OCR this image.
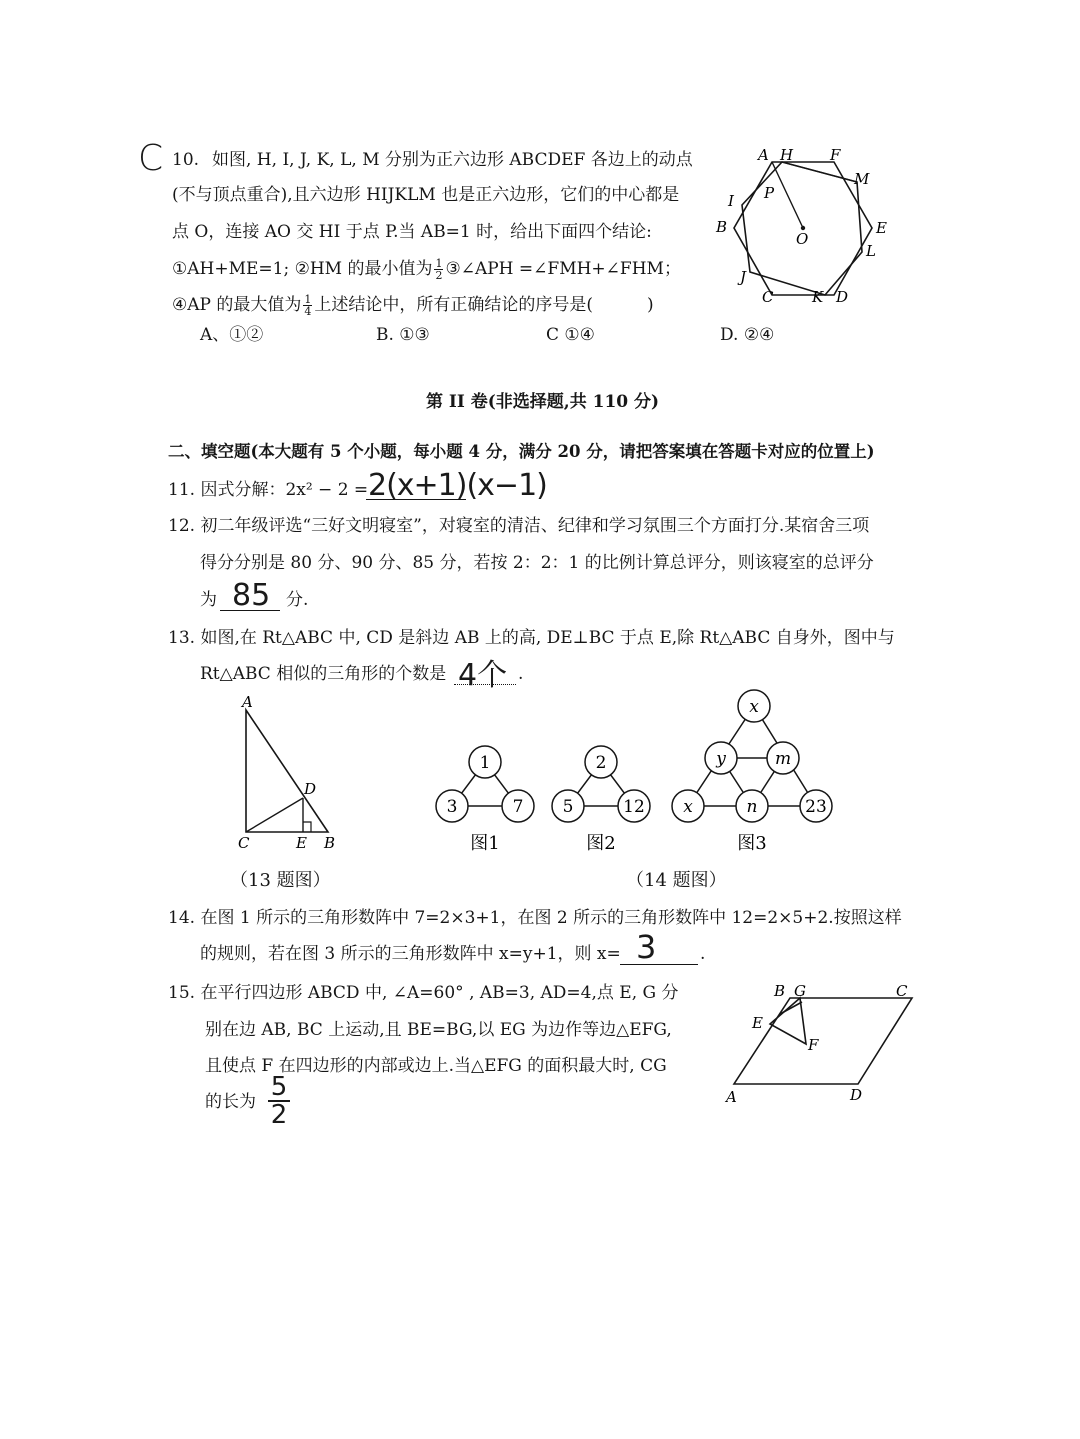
C 10. 如图, H, I, J, K, L, M 分别为正六边形 ABCDEF 各边上的动点
(不与顶点重合),且六边形 HIJKLM 也是正六边形，它们的中心都是
点 O，连接 AO 交 HI 于点 P.当 AB=1 时，给出下面四个结论:
①AH+ME=1; ②HM 的最小值为 $\frac{1}{2}$ ③∠APH =∠FMH+∠FHM；
④AP 的最大值为 $\frac{1}{4}$ 上述结论中，所有正确结论的序号是(	)
A、①②	B. ①③	C ①④	D. ②④
A H F
M
I P
B
O
E
L
J
C	K D
第 II 卷(非选择题,共 110 分)
二、填空题(本大题有 5 个小题，每小题 4 分，满分 20 分，请把答案填在答题卡对应的位置上)
11. 因式分解：2x² − 2 = 2(x+1)(x−1)
12. 初二年级评选“三好文明寝室”，对寝室的清洁、纪律和学习氛围三个方面打分.某宿舍三项
得分分别是 80 分、90 分、85 分，若按 2：2：1 的比例计算总评分，则该寝室的总评分
为 85 分.
13. 如图,在 Rt△ABC 中, CD 是斜边 AB 上的高, DE⊥BC 于点 E,除 Rt△ABC 自身外，图中与
Rt△ABC 相似的三角形的个数是 4个 .
A
D
C	E B
（13 题图）
1
3	7
2
5	12
x
y	m
x	n	23
图1	图2	图3
（14 题图）
14. 在图 1 所示的三角形数阵中 7=2×3+1，在图 2 所示的三角形数阵中 12=2×5+2.按照这样
的规则，若在图 3 所示的三角形数阵中 x=y+1，则 x= 3	.
15. 在平行四边形 ABCD 中, ∠A=60° , AB=3, AD=4,点 E, G 分
别在边 AB, BC 上运动,且 BE=BG,以 EG 为边作等边△EFG,
且使点 F 在四边形的内部或边上.当△EFG 的面积最大时, CG
的长为 5
2
B G	C
E
F
A	D
